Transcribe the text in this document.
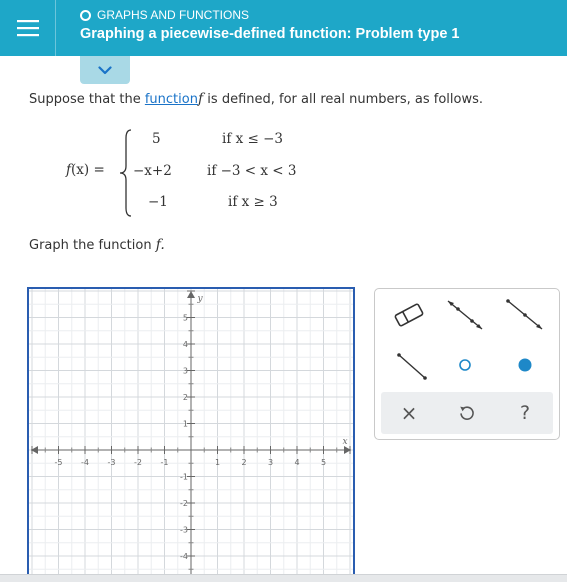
GRAPHS AND FUNCTIONS
Graphing a piecewise-defined function: Problem type 1
Suppose that the functionf is defined, for all real numbers, as follows.
f(x) =
5	if x ≤ −3
−x+2	if −3 < x < 3
−1	if x ≥ 3
Graph the function f.
-5 -4 -3 -2 -1	1	2	3	4	5
5
4
3
2
1
-1
-2
-3
-4
x
y
×	?
